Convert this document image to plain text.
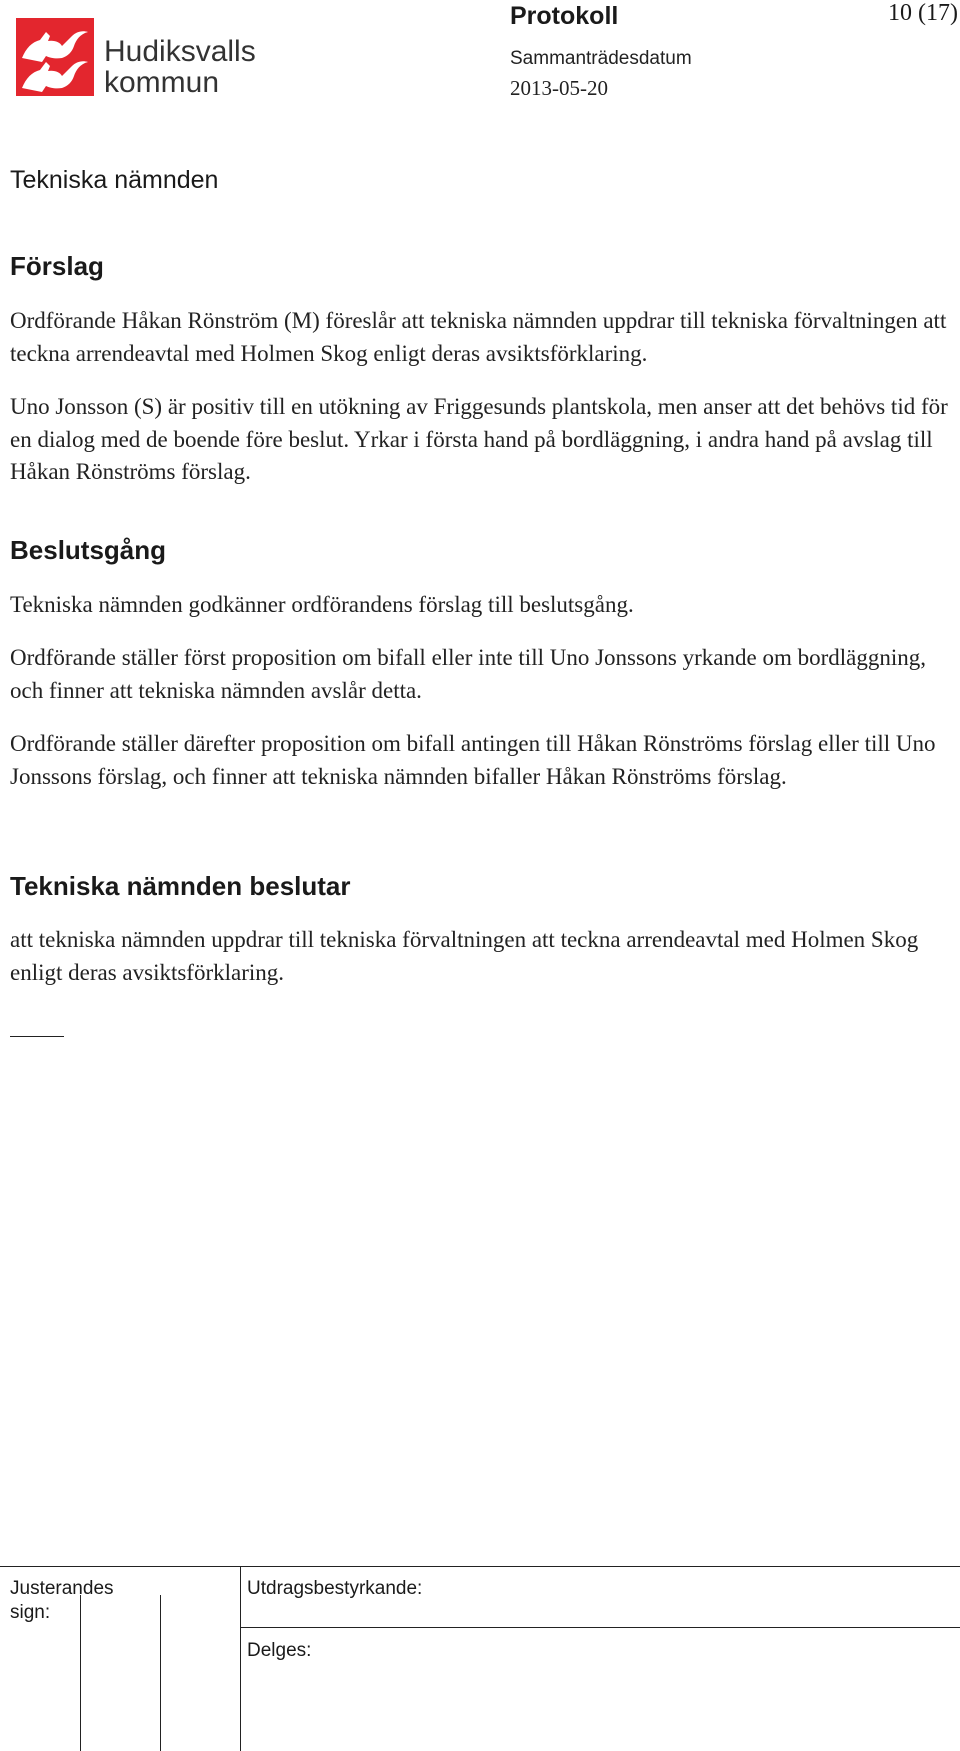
Hudiksvalls
kommun
Protokoll	10 (17)
Sammanträdesdatum
2013-05-20
Tekniska nämnden
Förslag

Ordförande Håkan Rönström (M) föreslår att tekniska nämnden uppdrar till tekniska förvaltningen att teckna arrendeavtal med Holmen Skog enligt deras avsiktsförklaring.

Uno Jonsson (S) är positiv till en utökning av Friggesunds plantskola, men anser att det behövs tid för en dialog med de boende före beslut. Yrkar i första hand på bordläggning, i andra hand på avslag till Håkan Rönströms förslag.

Beslutsgång

Tekniska nämnden godkänner ordförandens förslag till beslutsgång.

Ordförande ställer först proposition om bifall eller inte till Uno Jonssons yrkande om bordläggning, och finner att tekniska nämnden avslår detta.

Ordförande ställer därefter proposition om bifall antingen till Håkan Rönströms förslag eller till Uno Jonssons förslag, och finner att tekniska nämnden bifaller Håkan Rönströms förslag.

Tekniska nämnden beslutar

att tekniska nämnden uppdrar till tekniska förvaltningen att teckna arrendeavtal med Holmen Skog enligt deras avsiktsförklaring.

Justerandes
sign:
Utdragsbestyrkande:
Delges:
